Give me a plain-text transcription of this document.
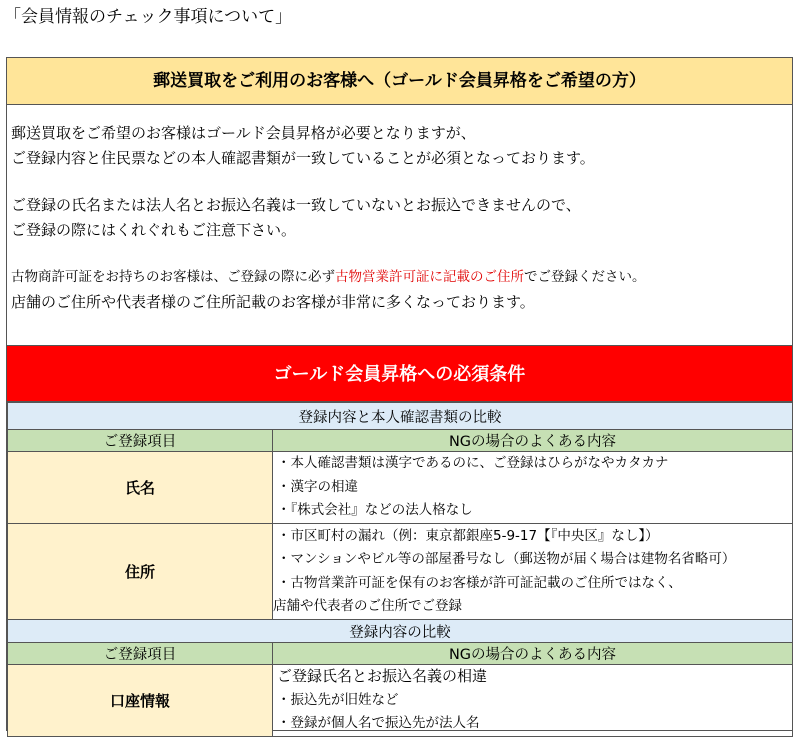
「会員情報のチェック事項について」
郵送買取をご利用のお客様へ（ゴールド会員昇格をご希望の方）

郵送買取をご希望のお客様はゴールド会員昇格が必要となりますが、

ご登録内容と住民票などの本人確認書類が一致していることが必須となっております。

ご登録の氏名または法人名とお振込名義は一致していないとお振込できませんので、

ご登録の際にはくれぐれもご注意下さい。

古物商許可証をお持ちのお客様は、ご登録の際に必ず古物営業許可証に記載のご住所でご登録ください。

店舗のご住所や代表者様のご住所記載のお客様が非常に多くなっております。

ゴールド会員昇格への必須条件
登録内容と本人確認書類の比較	
ご登録項目	NGの場合のよくある内容
氏名	・本人確認書類は漢字であるのに、ご登録はひらがなやカタカナ
・漢字の相違
・『株式会社』などの法人格なし

住所	・市区町村の漏れ（例：東京都銀座5-9-17【『中央区』なし】）
・マンションやビル等の部屋番号なし（郵送物が届く場合は建物名省略可）
・古物営業許可証を保有のお客様が許可証記載のご住所ではなく、
店舗や代表者のご住所でご登録

登録内容の比較	
ご登録項目	NGの場合のよくある内容
口座情報	ご登録氏名とお振込名義の相違
・振込先が旧姓など
・登録が個人名で振込先が法人名
